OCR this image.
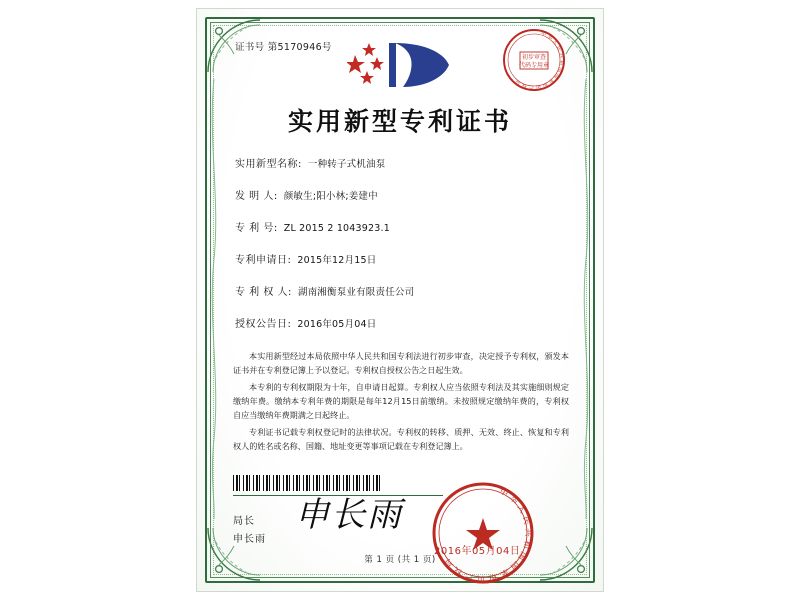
证书号 第5170946号
中华人民共和国国家知识产权局
初步审查
代码专用章
实用新型专利证书
实用新型名称: 一种转子式机油泵
发 明 人: 颜敏生;阳小林;姜建中
专 利 号: ZL 2015 2 1043923.1
专利申请日: 2015年12月15日
专 利 权 人: 湖南湘衡泵业有限责任公司
授权公告日: 2016年05月04日

本实用新型经过本局依照中华人民共和国专利法进行初步审查，决定授予专利权，颁发本证书并在专利登记簿上予以登记。专利权自授权公告之日起生效。

本专利的专利权期限为十年，自申请日起算。专利权人应当依照专利法及其实施细则规定缴纳年费。缴纳本专利年费的期限是每年12月15日前缴纳。未按照规定缴纳年费的，专利权自应当缴纳年费期满之日起终止。

专利证书记载专利权登记时的法律状况。专利权的转移、质押、无效、终止、恢复和专利权人的姓名或名称、国籍、地址变更等事项记载在专利登记簿上。

局长
申长雨
申长雨
中华人民共和国国家知识产权局
2016年05月04日
第 1 页 (共 1 页)
